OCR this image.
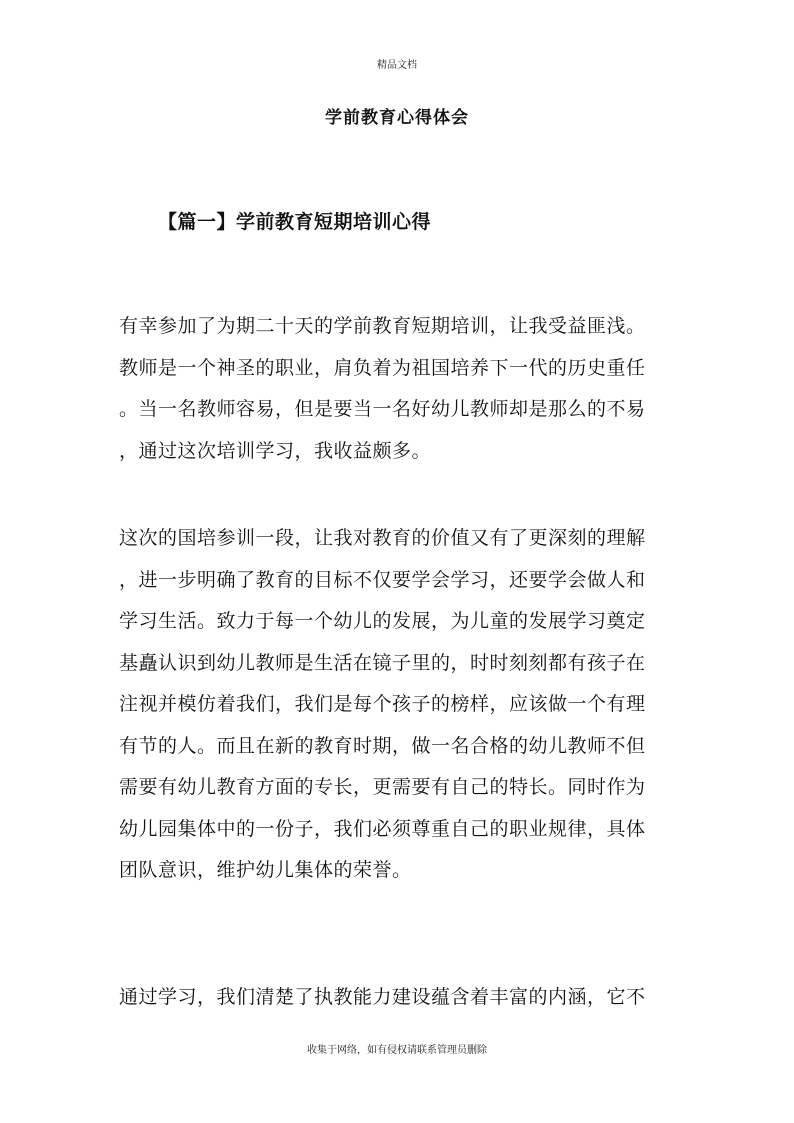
精品文档
学前教育心得体会
【篇一】学前教育短期培训心得
有幸参加了为期二十天的学前教育短期培训，让我受益匪浅。
教师是一个神圣的职业，肩负着为祖国培养下一代的历史重任
。当一名教师容易，但是要当一名好幼儿教师却是那么的不易
，通过这次培训学习，我收益颇多。
这次的国培参训一段，让我对教育的价值又有了更深刻的理解
，进一步明确了教育的目标不仅要学会学习，还要学会做人和
学习生活。致力于每一个幼儿的发展，为儿童的发展学习奠定
基矗认识到幼儿教师是生活在镜子里的，时时刻刻都有孩子在
注视并模仿着我们，我们是每个孩子的榜样，应该做一个有理
有节的人。而且在新的教育时期，做一名合格的幼儿教师不但
需要有幼儿教育方面的专长，更需要有自己的特长。同时作为
幼儿园集体中的一份子，我们必须尊重自己的职业规律，具体
团队意识，维护幼儿集体的荣誉。
通过学习，我们清楚了执教能力建设蕴含着丰富的内涵，它不
收集于网络，如有侵权请联系管理员删除
